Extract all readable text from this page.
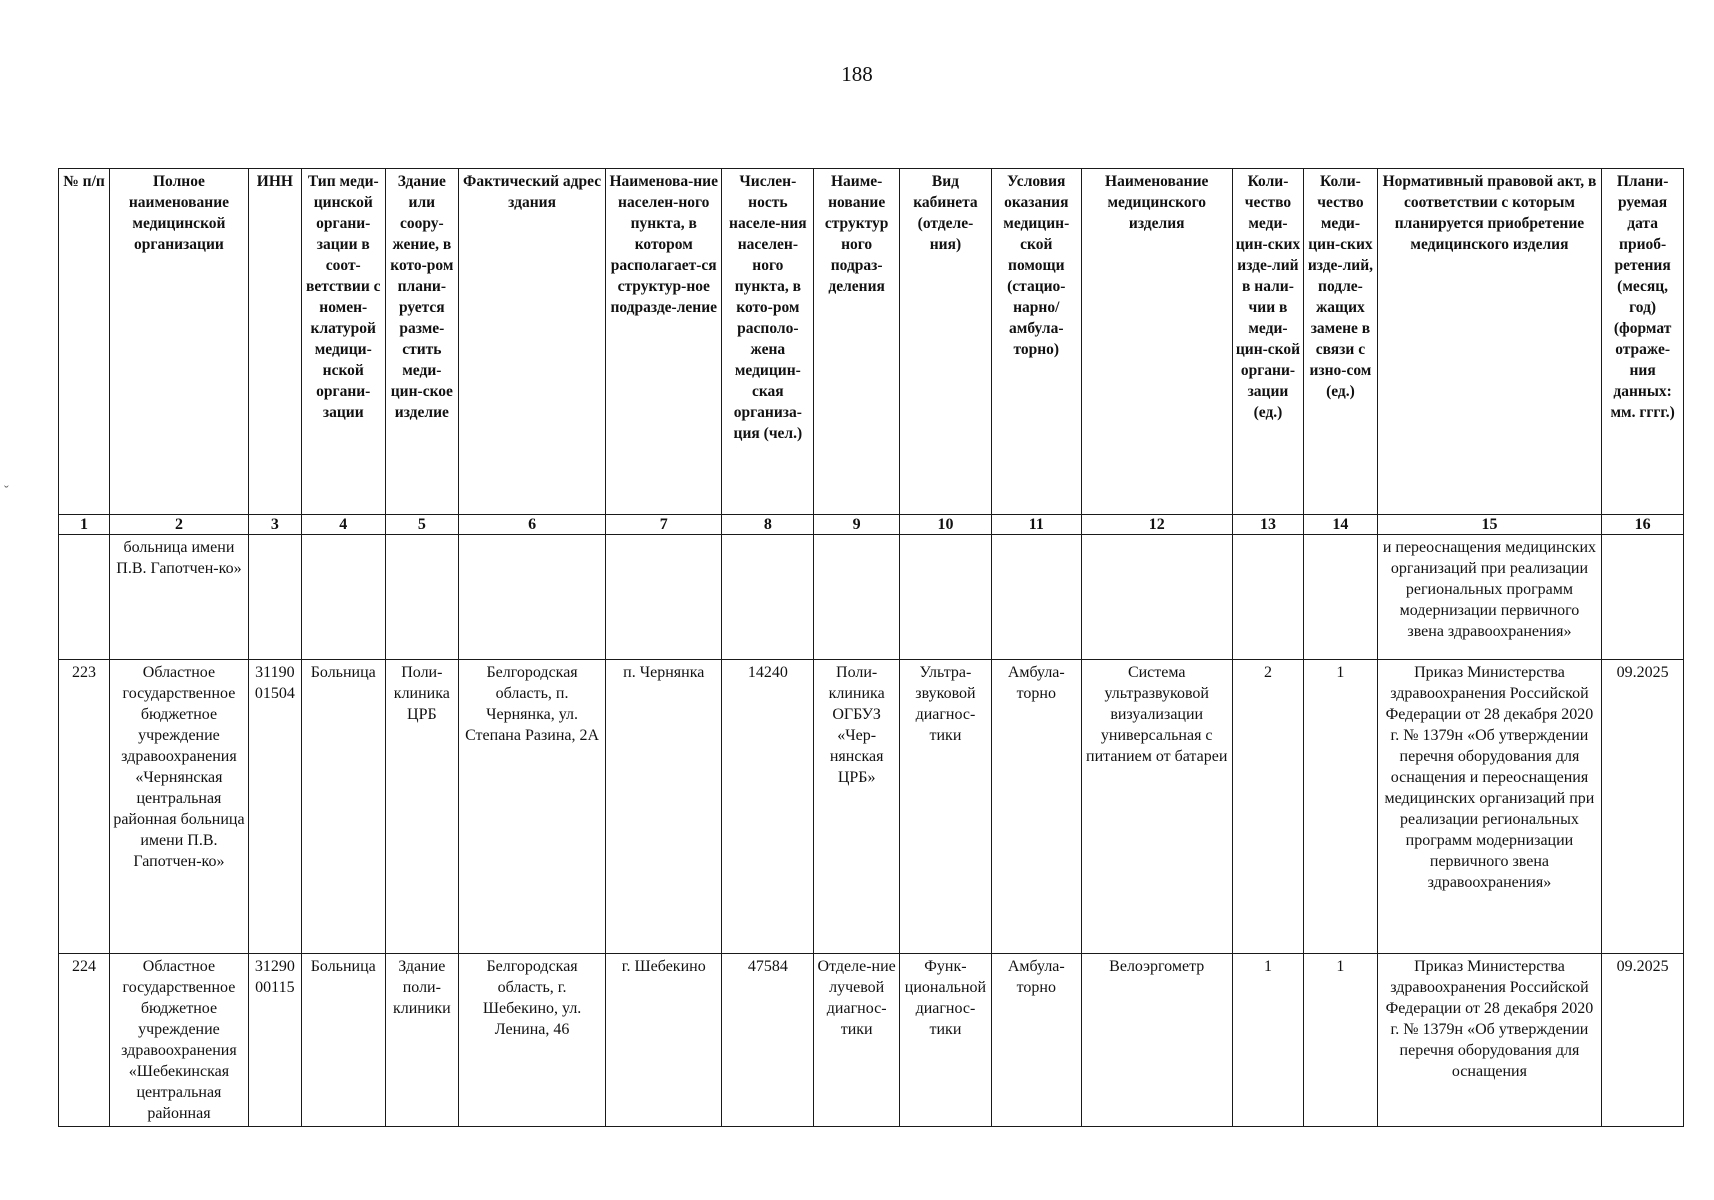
188
ˇ
№ п/п	Полное наименование медицинской организации	ИНН	Тип меди-цинской органи-зации в соот-ветствии с номен-клатурой медици-нской органи-зации	Здание или соору-жение, в кото-ром плани-руется разме-стить меди-цин-ское изделие	Фактический адрес здания	Наименова-ние населен-ного пункта, в котором располагает-ся структур-ное подразде-ление	Числен-ность населе-ния населен-ного пункта, в кото-ром располо-жена медицин-ская организа-ция (чел.)	Наиме-нование структур ного подраз-деления	Вид кабинета (отделе-ния)	Условия оказания медицин-ской помощи (стацио-нарно/ амбула-торно)	Наименование медицинского изделия	Коли-чество меди-цин-ских изде-лий в нали-чии в меди-цин-ской органи-зации (ед.)	Коли-чество меди-цин-ских изде-лий, подле-жащих замене в связи с изно-сом (ед.)	Нормативный правовой акт, в соответствии с которым планируется приобретение медицинского изделия	Плани-руемая дата приоб-ретения (месяц, год) (формат отраже-ния данных: мм. гггг.)
1	2	3	4	5	6	7	8	9	10	11	12	13	14	15	16
	больница имени П.В. Гапотчен-ко»													и переоснащения медицинских организаций при реализации региональных программ модернизации первичного звена здравоохранения»	
223	Областное государственное бюджетное учреждение здравоохранения «Чернянская центральная районная больница имени П.В. Гапотчен-ко»	31190 01504	Больница	Поли-клиника ЦРБ	Белгородская область, п. Чернянка, ул. Степана Разина, 2А	п. Чернянка	14240	Поли-клиника ОГБУЗ «Чер-нянская ЦРБ»	Ультра-звуковой диагнос-тики	Амбула-торно	Система ультразвуковой визуализации универсальная с питанием от батареи	2	1	Приказ Министерства здравоохранения Российской Федерации от 28 декабря 2020 г. № 1379н «Об утверждении перечня оборудования для оснащения и переоснащения медицинских организаций при реализации региональных программ модернизации первичного звена здравоохранения»	09.2025
224	Областное государственное бюджетное учреждение здравоохранения «Шебекинская центральная районная	31290 00115	Больница	Здание поли-клиники	Белгородская область, г. Шебекино, ул. Ленина, 46	г. Шебекино	47584	Отделе-ние лучевой диагнос-тики	Функ-циональной диагнос-тики	Амбула-торно	Велоэргометр	1	1	Приказ Министерства здравоохранения Российской Федерации от 28 декабря 2020 г. № 1379н «Об утверждении перечня оборудования для оснащения	09.2025
